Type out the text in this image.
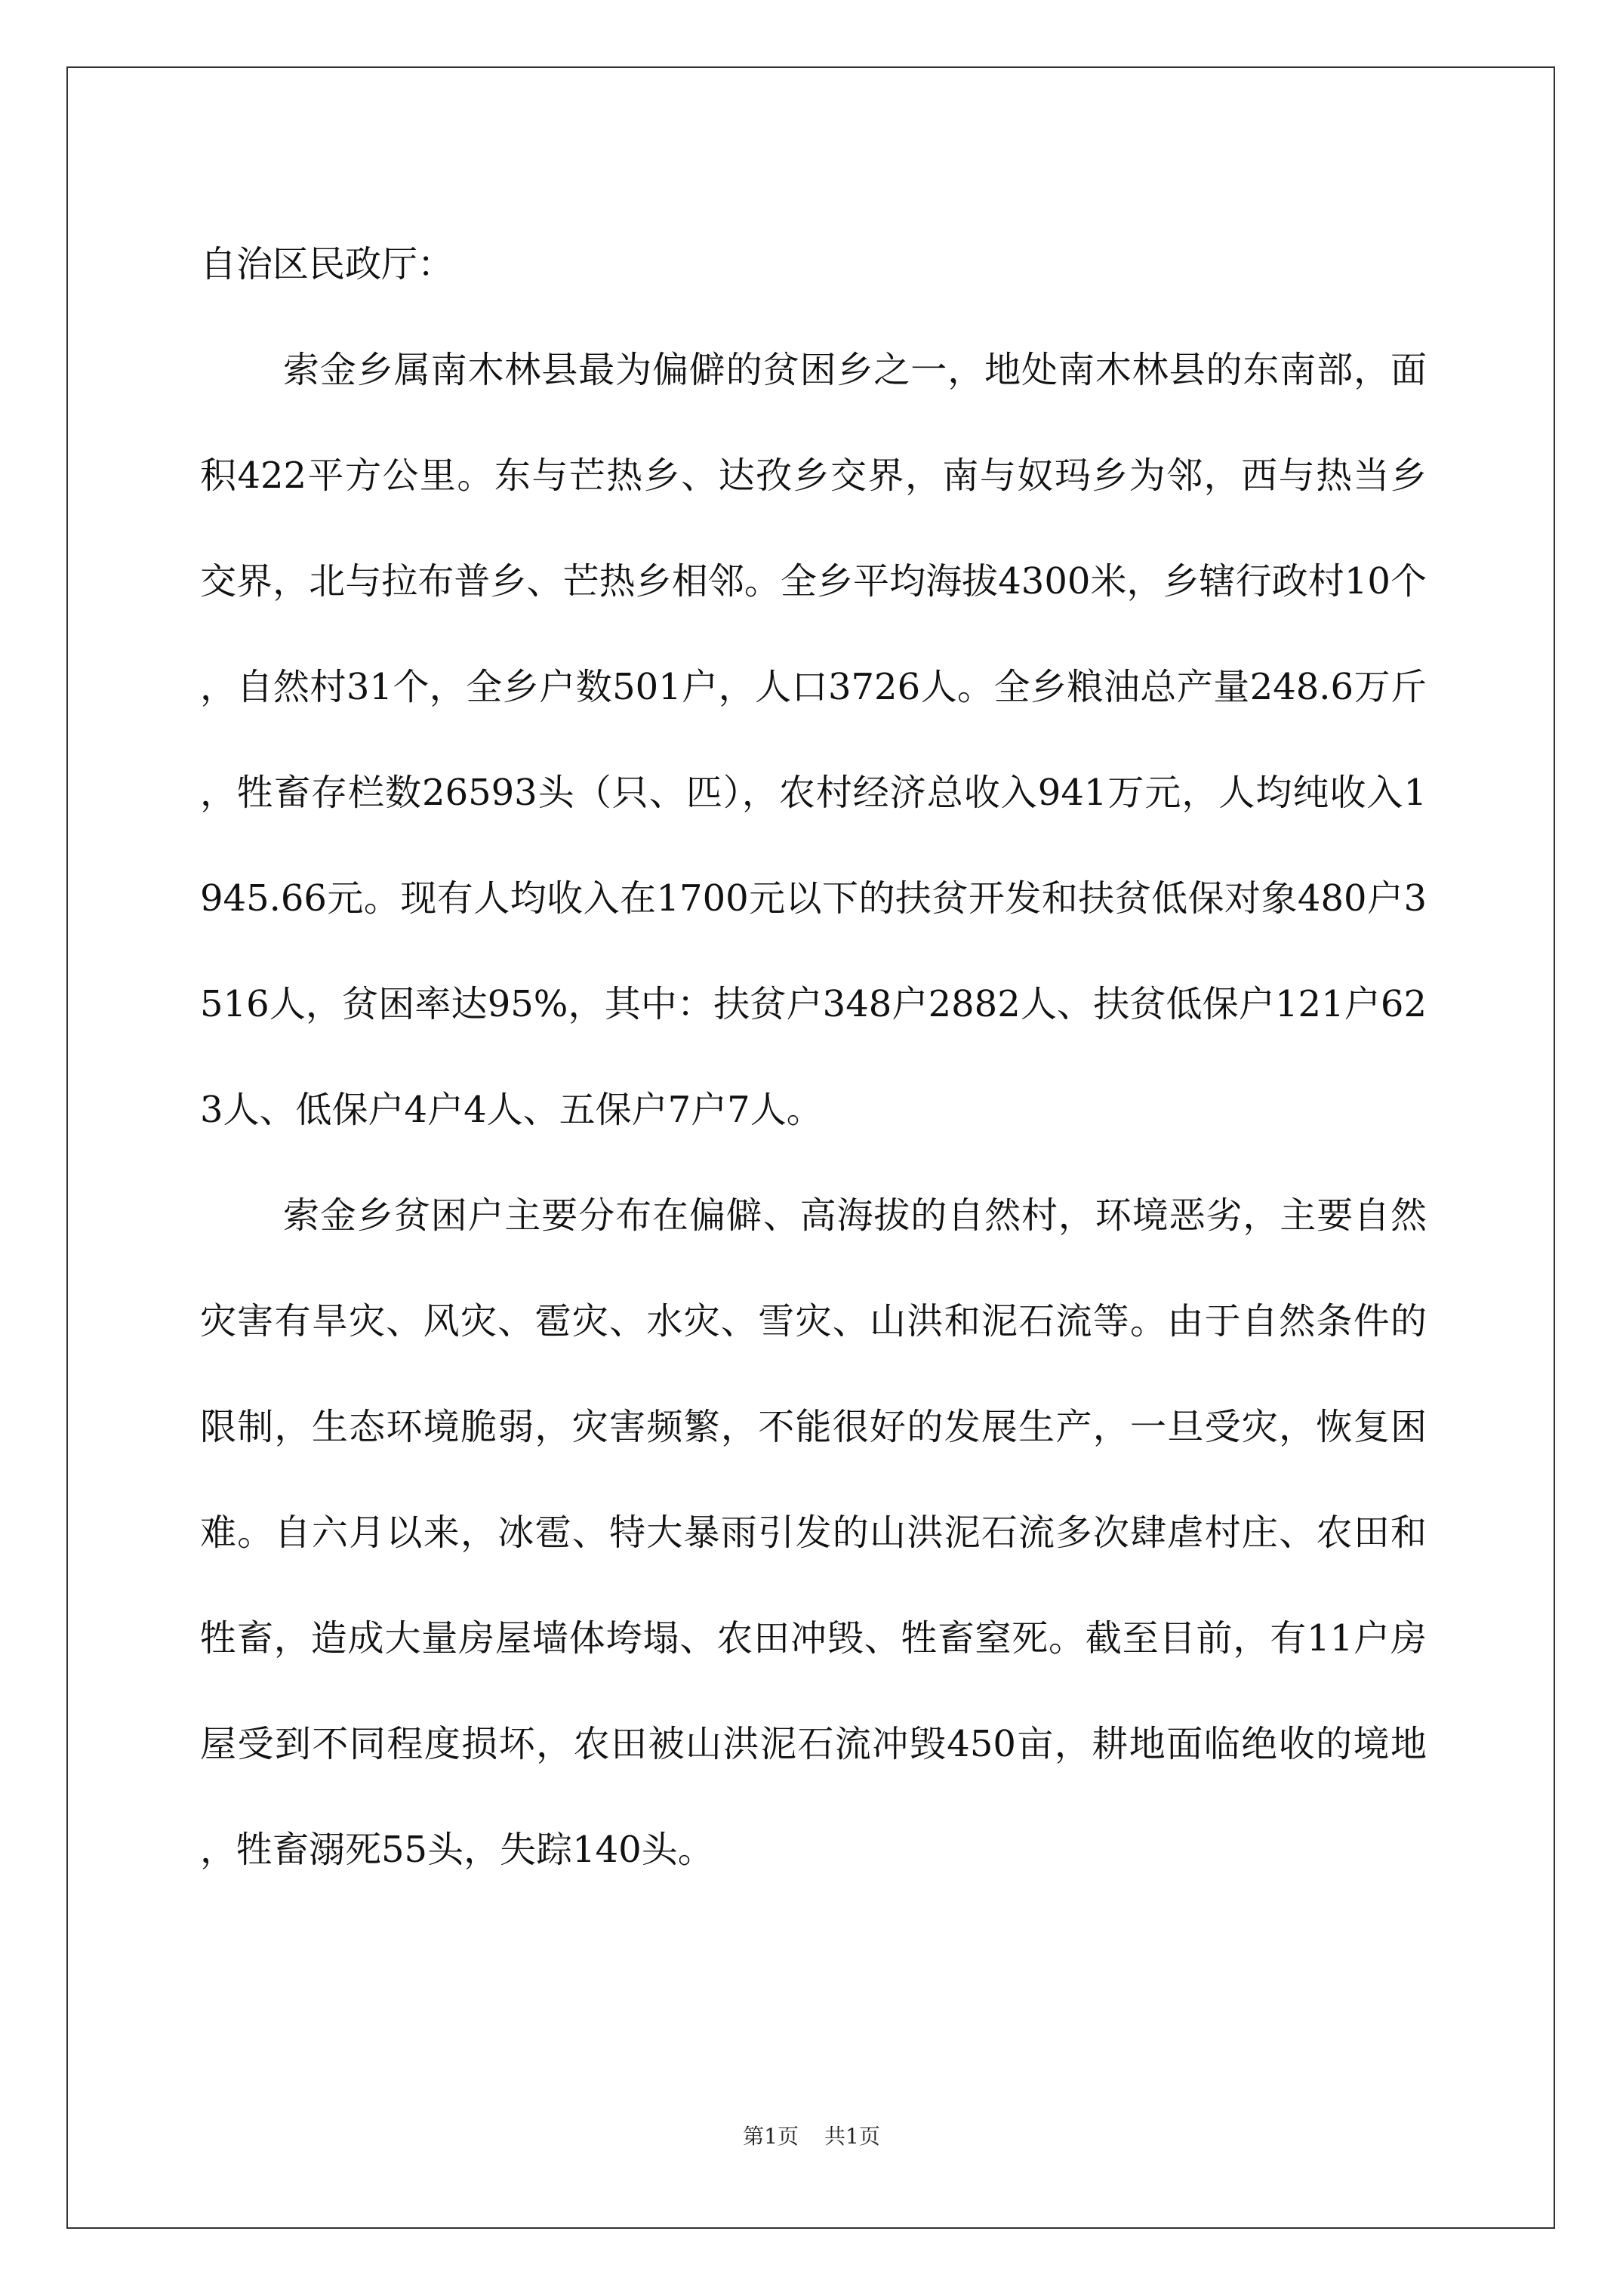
自治区民政厅：

索金乡属南木林县最为偏僻的贫困乡之一，地处南木林县的东南部，面积422平方公里。东与芒热乡、达孜乡交界，南与奴玛乡为邻，西与热当乡交界，北与拉布普乡、芒热乡相邻。全乡平均海拔4300米，乡辖行政村10个，自然村31个，全乡户数501户，人口3726人。全乡粮油总产量248.6万斤，牲畜存栏数26593头（只、匹），农村经济总收入941万元，人均纯收入1945.66元。现有人均收入在1700元以下的扶贫开发和扶贫低保对象480户3516人，贫困率达95%，其中：扶贫户348户2882人、扶贫低保户121户623人、低保户4户4人、五保户7户7人。

索金乡贫困户主要分布在偏僻、高海拔的自然村，环境恶劣，主要自然灾害有旱灾、风灾、雹灾、水灾、雪灾、山洪和泥石流等。由于自然条件的限制，生态环境脆弱，灾害频繁，不能很好的发展生产，一旦受灾，恢复困难。自六月以来，冰雹、特大暴雨引发的山洪泥石流多次肆虐村庄、农田和牲畜，造成大量房屋墙体垮塌、农田冲毁、牲畜窒死。截至目前，有11户房屋受到不同程度损坏，农田被山洪泥石流冲毁450亩，耕地面临绝收的境地，牲畜溺死55头，失踪140头。

第1页 共1页
